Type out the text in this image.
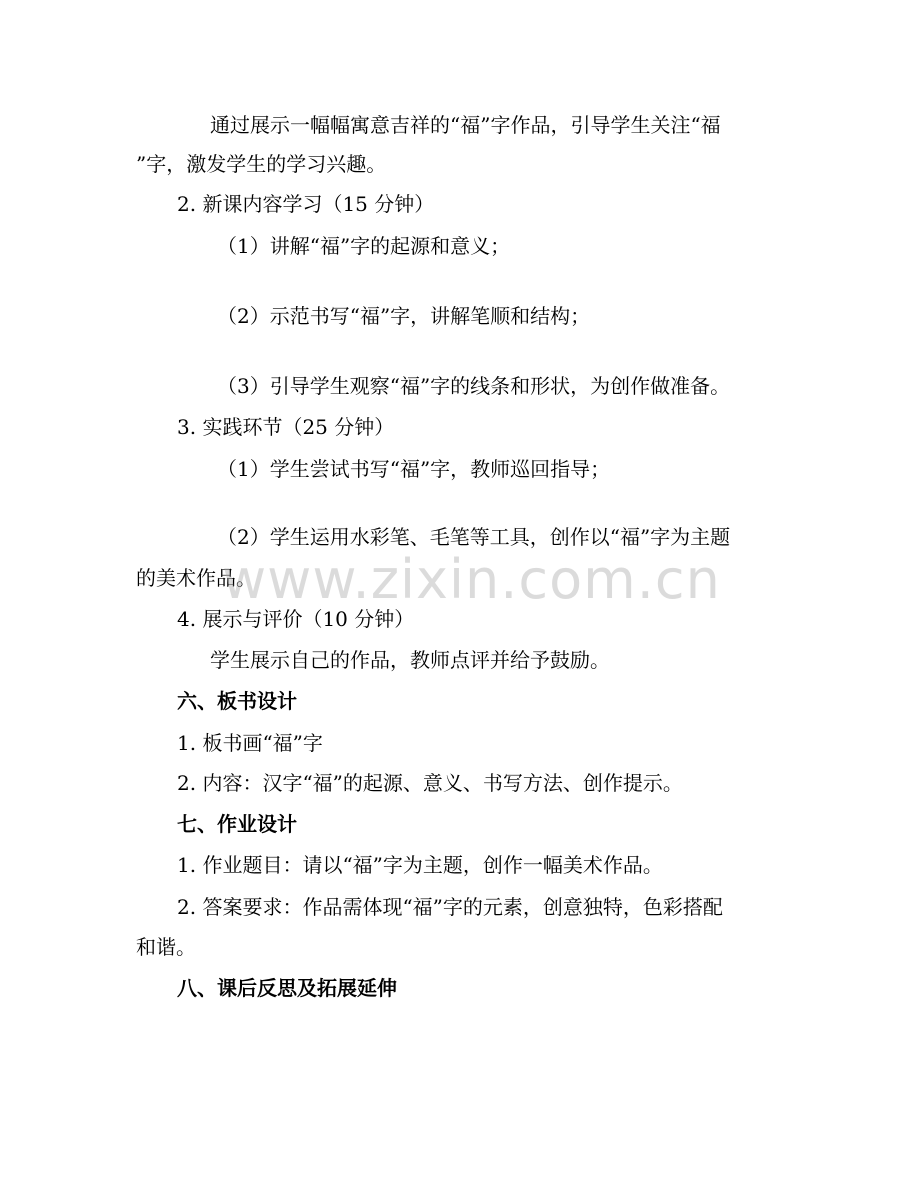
通过展示一幅幅寓意吉祥的“福”字作品，引导学生关注“福
”字，激发学生的学习兴趣。
2. 新课内容学习（15 分钟）
（1）讲解“福”字的起源和意义；
（2）示范书写“福”字，讲解笔顺和结构；
（3）引导学生观察“福”字的线条和形状，为创作做准备。
3. 实践环节（25 分钟）
（1）学生尝试书写“福”字，教师巡回指导；
（2）学生运用水彩笔、毛笔等工具，创作以“福”字为主题
的美术作品。
4. 展示与评价（10 分钟）
学生展示自己的作品，教师点评并给予鼓励。
六、板书设计
1. 板书画“福”字
2. 内容：汉字“福”的起源、意义、书写方法、创作提示。
七、作业设计
1. 作业题目：请以“福”字为主题，创作一幅美术作品。
2. 答案要求：作品需体现“福”字的元素，创意独特，色彩搭配
和谐。
八、课后反思及拓展延伸
www.zixin.com.cn
